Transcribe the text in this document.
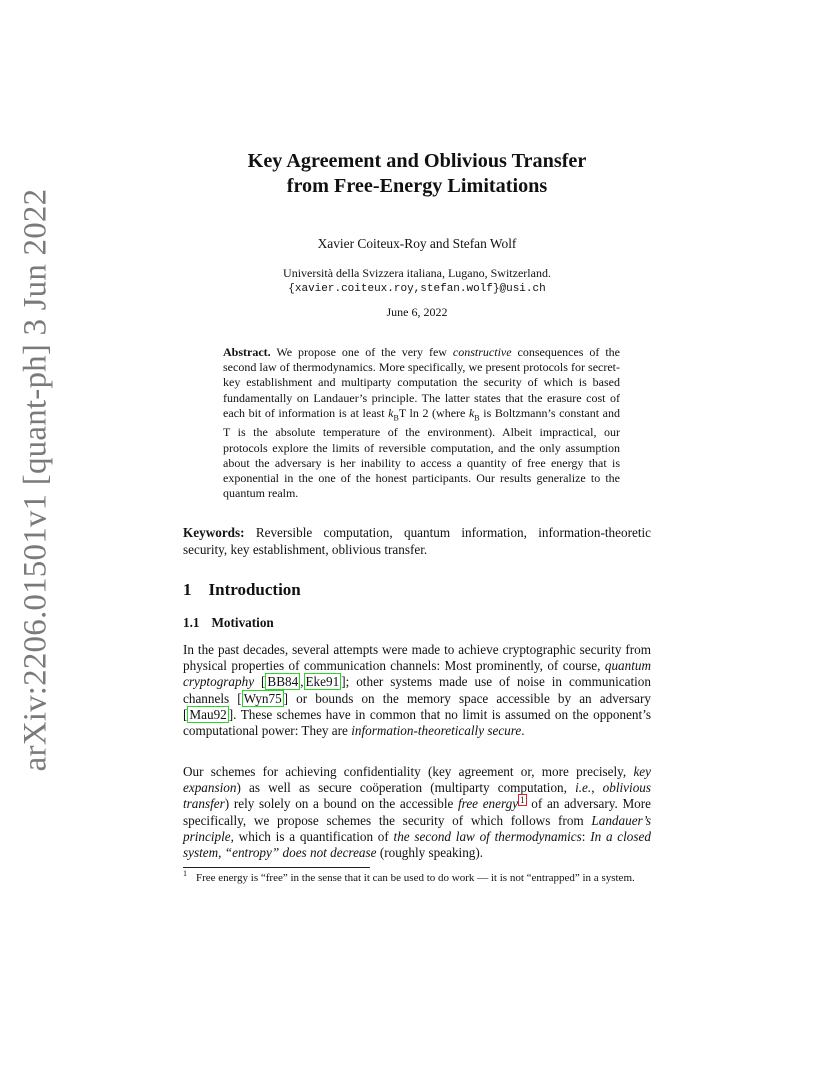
arXiv:2206.01501v1 [quant-ph] 3 Jun 2022
Key Agreement and Oblivious Transfer
from Free-Energy Limitations
Xavier Coiteux-Roy and Stefan Wolf
Università della Svizzera italiana, Lugano, Switzerland.
{xavier.coiteux.roy,stefan.wolf}@usi.ch
June 6, 2022
Abstract. We propose one of the very few constructive consequences of the second law of thermodynamics. More specifically, we present protocols for secret-key establishment and multiparty computation the security of which is based fundamentally on Landauer’s principle. The latter states that the erasure cost of each bit of information is at least $k_BT$ ln 2 (where $k_B$ is Boltzmann’s constant and T is the absolute temperature of the environment). Albeit impractical, our protocols explore the limits of reversible computation, and the only assumption about the adversary is her inability to access a quantity of free energy that is exponential in the one of the honest participants. Our results generalize to the quantum realm.
Keywords: Reversible computation, quantum information, information-theoretic security, key establishment, oblivious transfer.
1 Introduction
1.1 Motivation
In the past decades, several attempts were made to achieve cryptographic security from physical properties of communication channels: Most prominently, of course, quantum cryptography [ BB84 , Eke91 ]; other systems made use of noise in communication channels [ Wyn75 ] or bounds on the memory space accessible by an adversary [ Mau92 ]. These schemes have in common that no limit is assumed on the opponent’s computational power: They are information-theoretically secure.
Our schemes for achieving confidentiality (key agreement or, more precisely, key expansion) as well as secure coöperation (multiparty computation, i.e., oblivious transfer) rely solely on a bound on the accessible free energy $^1$ of an adversary. More specifically, we propose schemes the security of which follows from Landauer’s principle, which is a quantification of the second law of thermodynamics: In a closed system, “entropy” does not decrease (roughly speaking).
1 Free energy is “free” in the sense that it can be used to do work — it is not “entrapped” in a system.
